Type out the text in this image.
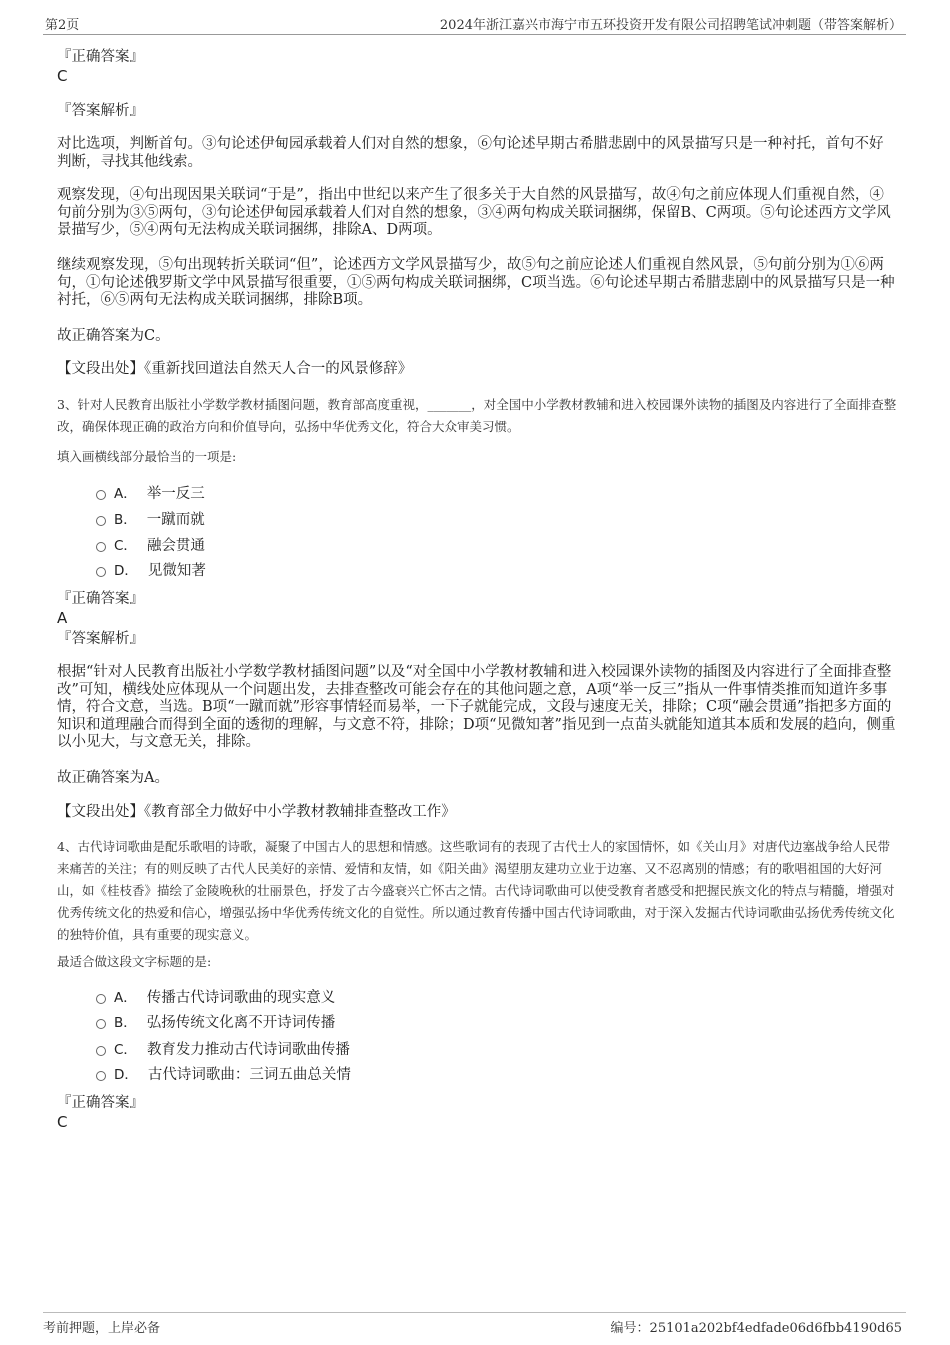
第2页	2024年浙江嘉兴市海宁市五环投资开发有限公司招聘笔试冲刺题（带答案解析）
『正确答案』
C
『答案解析』

对比选项，判断首句。③句论述伊甸园承载着人们对自然的想象，⑥句论述早期古希腊悲剧中的风景描写只是一种衬托，首句不好判断，寻找其他线索。

观察发现，④句出现因果关联词“于是”，指出中世纪以来产生了很多关于大自然的风景描写，故④句之前应体现人们重视自然，④句前分别为③⑤两句，③句论述伊甸园承载着人们对自然的想象，③④两句构成关联词捆绑，保留B、C两项。⑤句论述西方文学风景描写少，⑤④两句无法构成关联词捆绑，排除A、D两项。

继续观察发现，⑤句出现转折关联词“但”，论述西方文学风景描写少，故⑤句之前应论述人们重视自然风景，⑤句前分别为①⑥两句，①句论述俄罗斯文学中风景描写很重要，①⑤两句构成关联词捆绑，C项当选。⑥句论述早期古希腊悲剧中的风景描写只是一种衬托，⑥⑤两句无法构成关联词捆绑，排除B项。

故正确答案为C。
【文段出处】《重新找回道法自然天人合一的风景修辞》

3、针对人民教育出版社小学数学教材插图问题，教育部高度重视，_______，对全国中小学教材教辅和进入校园课外读物的插图及内容进行了全面排查整改，确保体现正确的政治方向和价值导向，弘扬中华优秀文化，符合大众审美习惯。

填入画横线部分最恰当的一项是:
A． 举一反三
B． 一蹴而就
C． 融会贯通
D． 见微知著
『正确答案』
A
『答案解析』

根据“针对人民教育出版社小学数学教材插图问题”以及“对全国中小学教材教辅和进入校园课外读物的插图及内容进行了全面排查整改”可知，横线处应体现从一个问题出发，去排查整改可能会存在的其他问题之意，A项“举一反三”指从一件事情类推而知道许多事情，符合文意，当选。B项“一蹴而就”形容事情轻而易举，一下子就能完成，文段与速度无关，排除；C项“融会贯通”指把多方面的知识和道理融合而得到全面的透彻的理解，与文意不符，排除；D项“见微知著”指见到一点苗头就能知道其本质和发展的趋向，侧重以小见大，与文意无关，排除。

故正确答案为A。
【文段出处】《教育部全力做好中小学教材教辅排查整改工作》

4、古代诗词歌曲是配乐歌唱的诗歌，凝聚了中国古人的思想和情感。这些歌词有的表现了古代士人的家国情怀，如《关山月》对唐代边塞战争给人民带来痛苦的关注；有的则反映了古代人民美好的亲情、爱情和友情，如《阳关曲》渴望朋友建功立业于边塞、又不忍离别的情感；有的歌唱祖国的大好河山，如《桂枝香》描绘了金陵晚秋的壮丽景色，抒发了古今盛衰兴亡怀古之情。古代诗词歌曲可以使受教育者感受和把握民族文化的特点与精髓，增强对优秀传统文化的热爱和信心，增强弘扬中华优秀传统文化的自觉性。所以通过教育传播中国古代诗词歌曲，对于深入发掘古代诗词歌曲弘扬优秀传统文化的独特价值，具有重要的现实意义。

最适合做这段文字标题的是:
A． 传播古代诗词歌曲的现实意义
B． 弘扬传统文化离不开诗词传播
C． 教育发力推动古代诗词歌曲传播
D． 古代诗词歌曲：三词五曲总关情
『正确答案』
C
考前押题，上岸必备	编号：25101a202bf4edfade06d6fbb4190d65
